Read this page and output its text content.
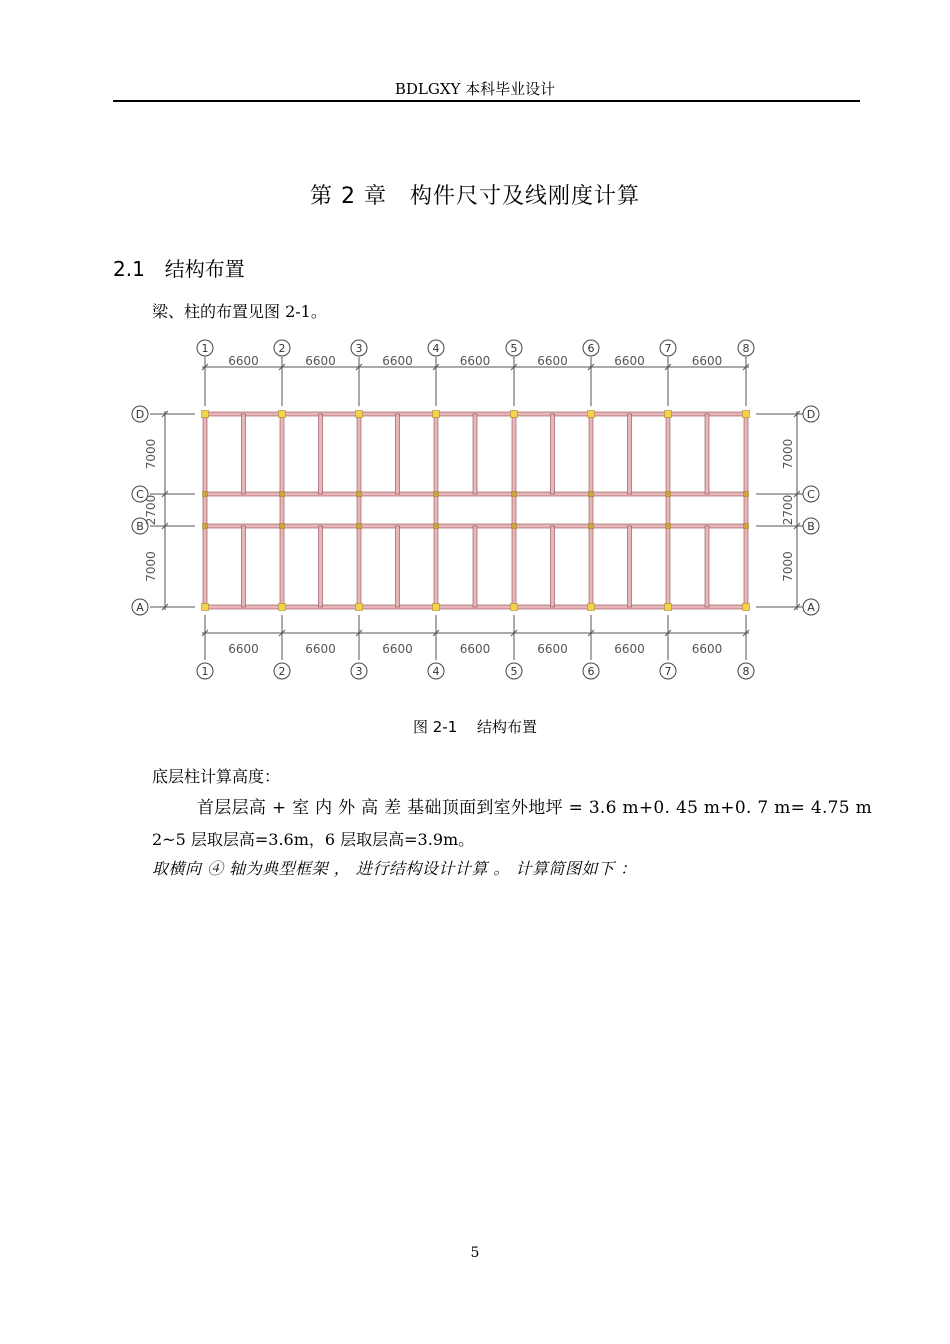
BDLGXY 本科毕业设计
第 2 章　构件尺寸及线刚度计算
2.1　结构布置
梁、柱的布置见图 2-1。
1
1
2
2
3
3
4
4
5
5
6
6
7
7
8
8
D	D
C	C
B	B
A	A
6600
6600
6600
6600
6600
6600
6600
6600
6600
6600
6600
6600
6600
6600
7000	7000
2700	2700
7000	7000
图 2-1　 结构布置
底层柱计算高度：
首层层高 + 室 内 外 高 差 基础顶面到室外地坪 = 3.6 m+0. 45 m+0. 7 m= 4.75 m
2~5 层取层高=3.6m，6 层取层高=3.9m。
取横向 ④ 轴为典型框架 ， 进行结构设计计算 。 计算简图如下 ：
5
